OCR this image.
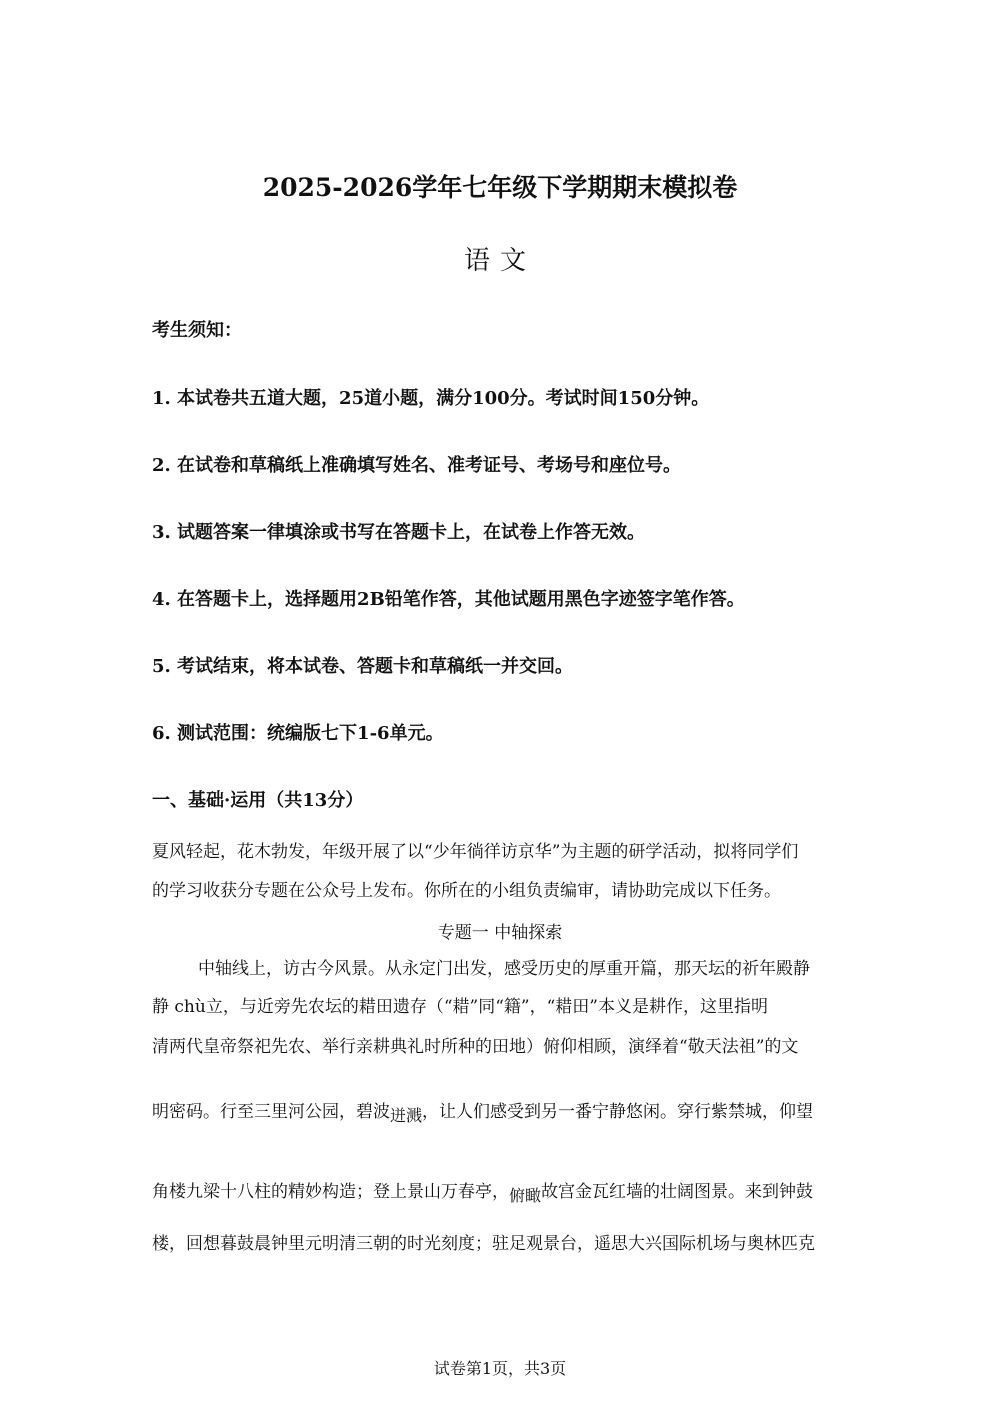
2025-2026学年七年级下学期期末模拟卷
语文
考生须知：
1. 本试卷共五道大题，25道小题，满分100分。考试时间150分钟。
2. 在试卷和草稿纸上准确填写姓名、准考证号、考场号和座位号。
3. 试题答案一律填涂或书写在答题卡上，在试卷上作答无效。
4. 在答题卡上，选择题用2B铅笔作答，其他试题用黑色字迹签字笔作答。
5. 考试结束，将本试卷、答题卡和草稿纸一并交回。
6. 测试范围：统编版七下1-6单元。
一、基础·运用（共13分）
夏风轻起，花木勃发，年级开展了以“少年徜徉访京华”为主题的研学活动，拟将同学们
的学习收获分专题在公众号上发布。你所在的小组负责编审，请协助完成以下任务。
专题一 中轴探索
中轴线上，访古今风景。从永定门出发，感受历史的厚重开篇，那天坛的祈年殿静
静 chù立，与近旁先农坛的耤田遗存（“耤”同“籍”，“耤田”本义是耕作，这里指明
清两代皇帝祭祀先农、举行亲耕典礼时所种的田地）俯仰相顾，演绎着“敬天法祖”的文
明密码。行至三里河公园，碧波迸溅，让人们感受到另一番宁静悠闲。穿行紫禁城，仰望
角楼九梁十八柱的精妙构造；登上景山万春亭，俯瞰故宫金瓦红墙的壮阔图景。来到钟鼓
楼，回想暮鼓晨钟里元明清三朝的时光刻度；驻足观景台，遥思大兴国际机场与奥林匹克
试卷第1页，共3页
